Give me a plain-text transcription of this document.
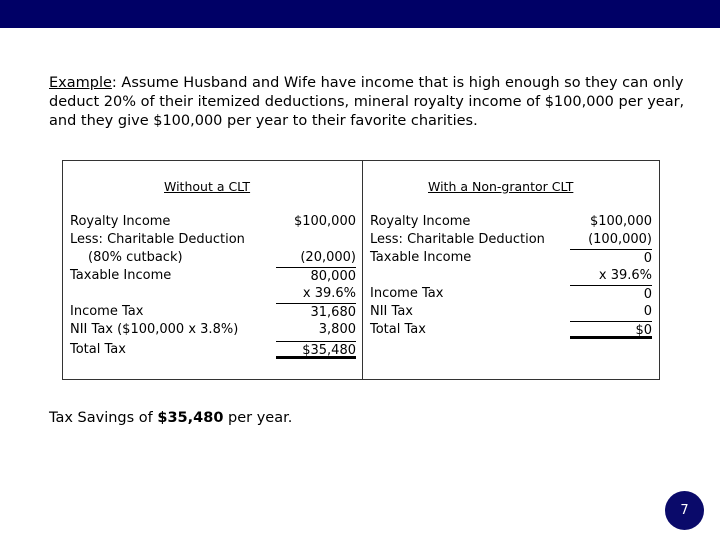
Example: Assume Husband and Wife have income that is high enough so they can only deduct 20% of their itemized deductions, mineral royalty income of $100,000 per year, and they give $100,000 per year to their favorite charities.
Without a CLT	With a Non-grantor CLT
Royalty Income	$100,000
Less: Charitable Deduction
(80% cutback)	(20,000)
Taxable Income	80,000
x 39.6%
Income Tax	31,680
NII Tax ($100,000 x 3.8%)	3,800
Total Tax	$35,480
Royalty Income	$100,000
Less: Charitable Deduction	(100,000)
Taxable Income	0
x 39.6%
Income Tax	0
NII Tax	0
Total Tax	$0
Tax Savings of $35,480 per year.
7
